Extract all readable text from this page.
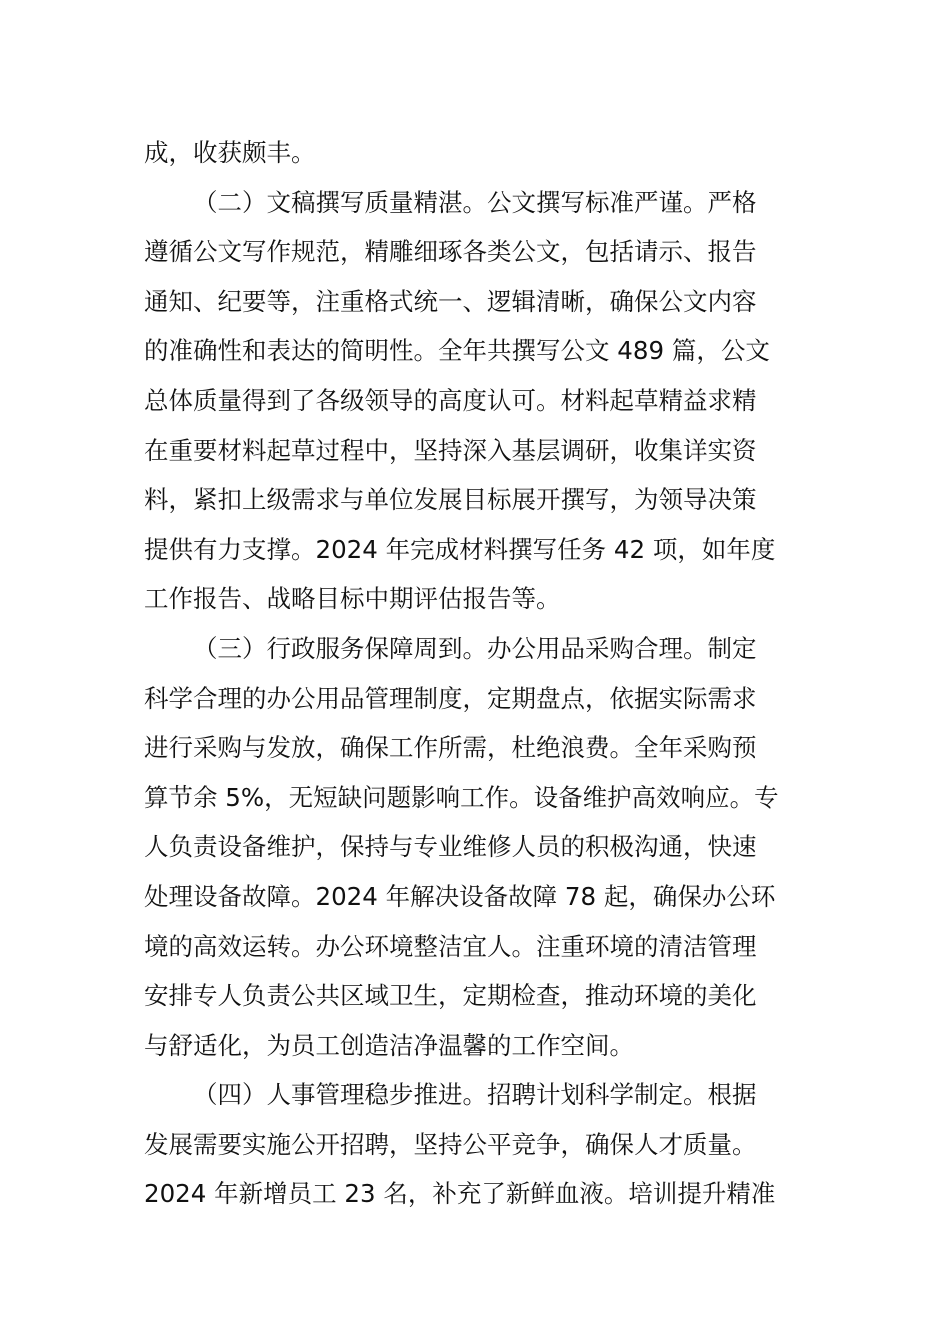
成，收获颇丰。
（二）文稿撰写质量精湛。公文撰写标准严谨。严格
遵循公文写作规范，精雕细琢各类公文，包括请示、报告
通知、纪要等，注重格式统一、逻辑清晰，确保公文内容
的准确性和表达的简明性。全年共撰写公文 489 篇，公文
总体质量得到了各级领导的高度认可。材料起草精益求精
在重要材料起草过程中，坚持深入基层调研，收集详实资
料，紧扣上级需求与单位发展目标展开撰写，为领导决策
提供有力支撑。2024 年完成材料撰写任务 42 项，如年度
工作报告、战略目标中期评估报告等。
（三）行政服务保障周到。办公用品采购合理。制定
科学合理的办公用品管理制度，定期盘点，依据实际需求
进行采购与发放，确保工作所需，杜绝浪费。全年采购预
算节余 5%，无短缺问题影响工作。设备维护高效响应。专
人负责设备维护，保持与专业维修人员的积极沟通，快速
处理设备故障。2024 年解决设备故障 78 起，确保办公环
境的高效运转。办公环境整洁宜人。注重环境的清洁管理
安排专人负责公共区域卫生，定期检查，推动环境的美化
与舒适化，为员工创造洁净温馨的工作空间。
（四）人事管理稳步推进。招聘计划科学制定。根据
发展需要实施公开招聘，坚持公平竞争，确保人才质量。
2024 年新增员工 23 名，补充了新鲜血液。培训提升精准
